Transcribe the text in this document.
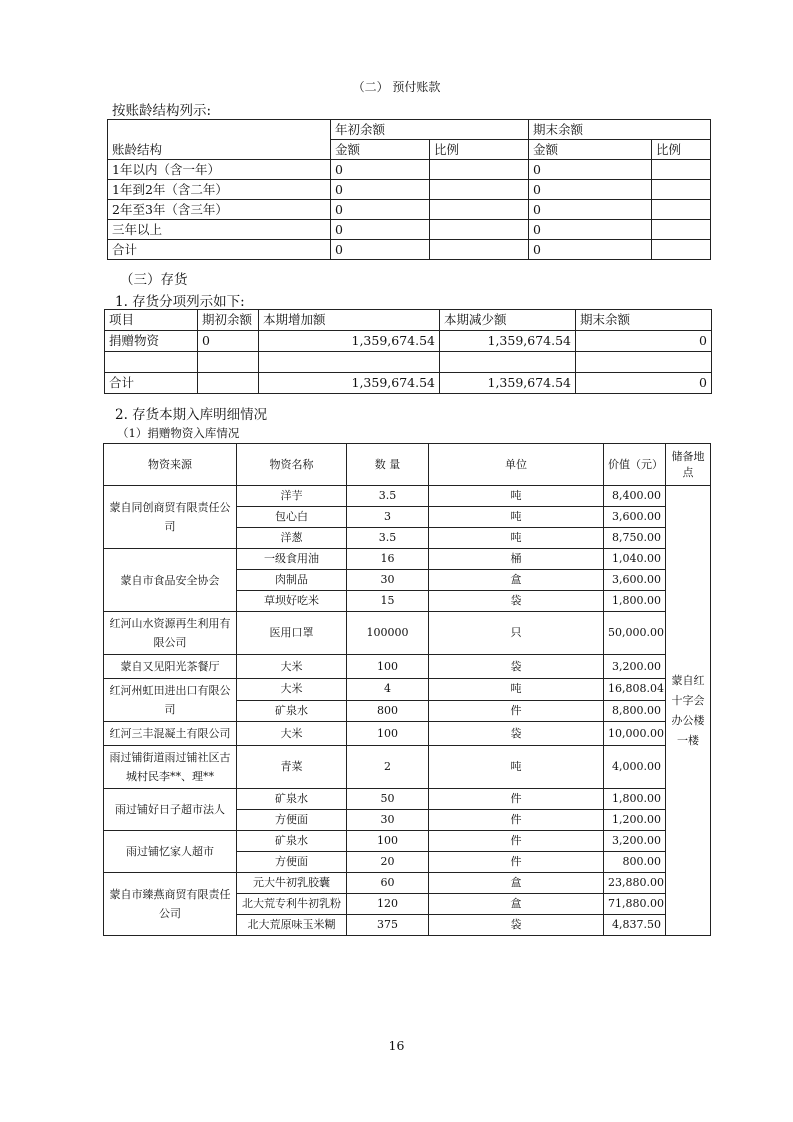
（二） 预付账款
按账龄结构列示:
账龄结构	年初余额		期末余额	
	金额	比例	金额	比例
1年以内（含一年）	0		0	
1年到2年（含二年）	0		0	
2年至3年（含三年）	0		0	
三年以上	0		0	
合计	0		0	
（三）存货
1. 存货分项列示如下:
项目	期初余额	本期增加额	本期减少额	期末余额
捐赠物资	0	1,359,674.54	1,359,674.54	0

合计		1,359,674.54	1,359,674.54	0
2. 存货本期入库明细情况
（1）捐赠物资入库情况
物资来源	物资名称	数 量	单位	价值（元）	储备地点
蒙自同创商贸有限责任公司	洋芋	3.5	吨	8,400.00	蒙自红十字会办公楼一楼
	包心白	3	吨	3,600.00	
	洋葱	3.5	吨	8,750.00	
蒙自市食品安全协会	一级食用油	16	桶	1,040.00	
	肉制品	30	盒	3,600.00	
	草坝好吃米	15	袋	1,800.00	
红河山水资源再生利用有限公司	医用口罩	100000	只	50,000.00	
蒙自又见阳光茶餐厅	大米	100	袋	3,200.00	
红河州虹田进出口有限公司	大米	4	吨	16,808.04	
	矿泉水	800	件	8,800.00	
红河三丰混凝土有限公司	大米	100	袋	10,000.00	
雨过铺街道雨过铺社区古城村民李**、理**	青菜	2	吨	4,000.00	
雨过铺好日子超市法人	矿泉水	50	件	1,800.00	
	方便面	30	件	1,200.00	
雨过铺忆家人超市	矿泉水	100	件	3,200.00	
	方便面	20	件	800.00	
蒙自市臻燕商贸有限责任公司	元大牛初乳胶囊	60	盒	23,880.00	
	北大荒专利牛初乳粉	120	盒	71,880.00	
	北大荒原味玉米糊	375	袋	4,837.50	
16
